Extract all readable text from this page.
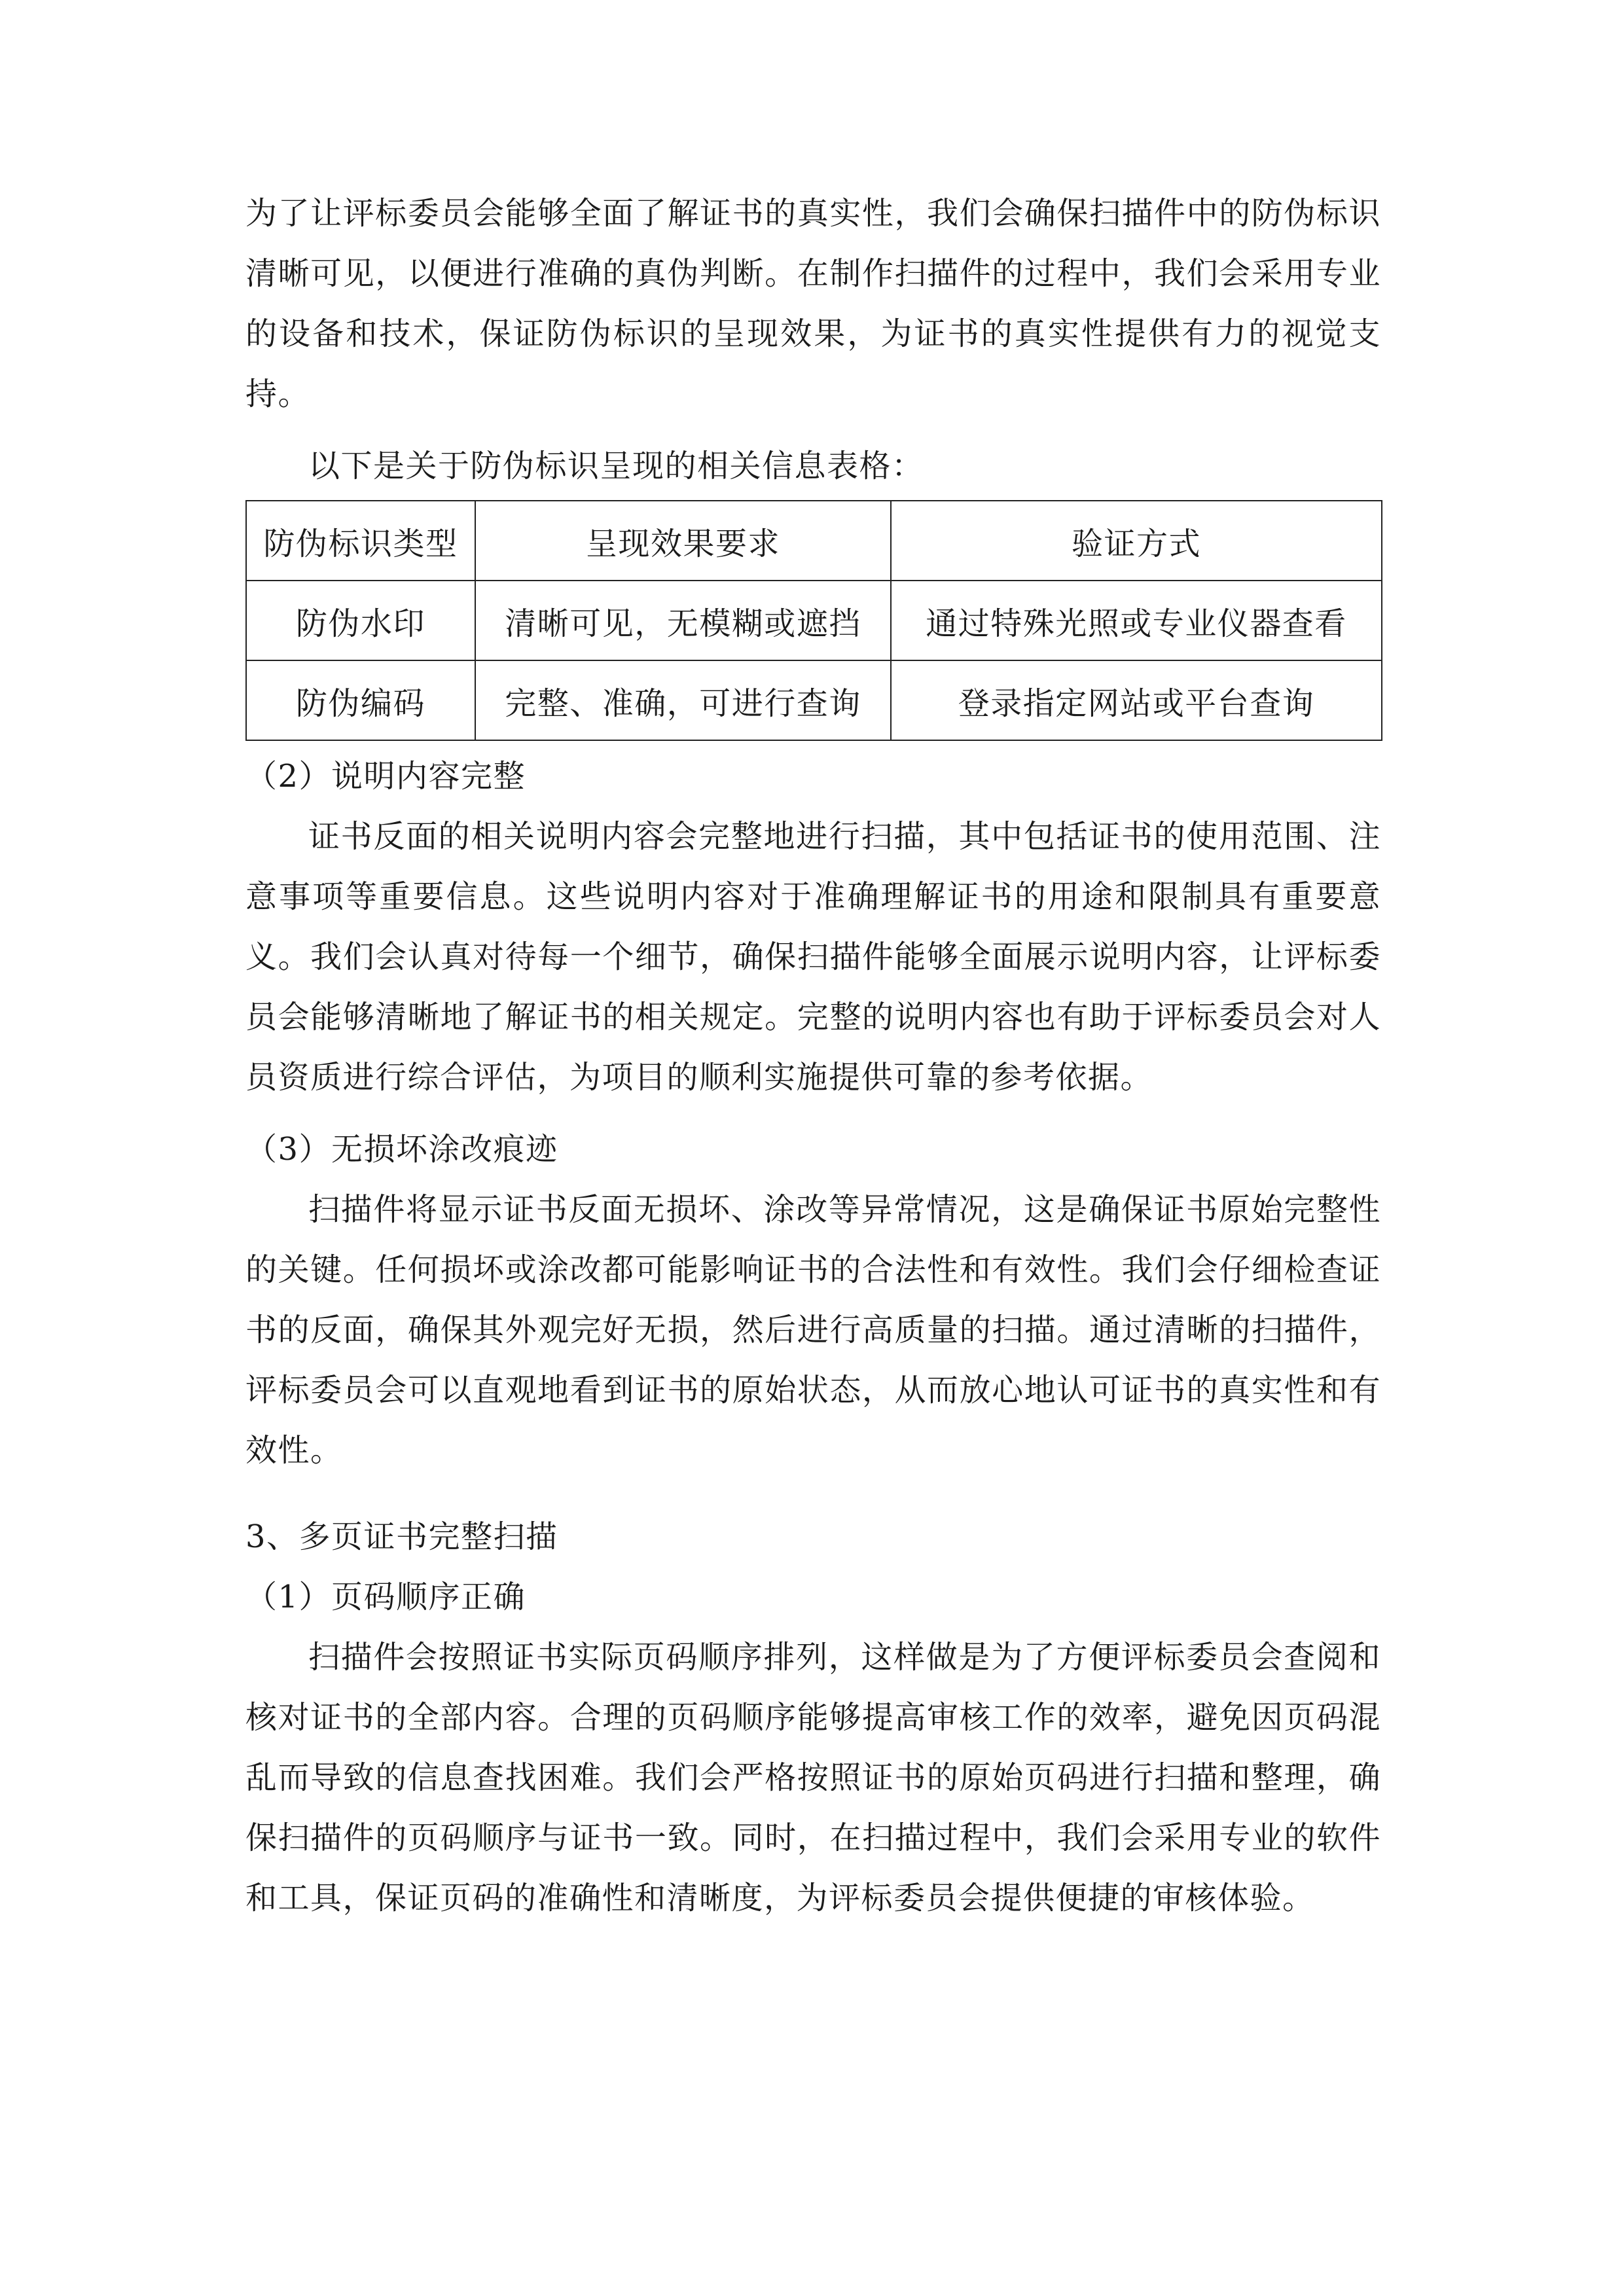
为了让评标委员会能够全面了解证书的真实性，我们会确保扫描件中的防伪标识清晰可见，以便进行准确的真伪判断。在制作扫描件的过程中，我们会采用专业的设备和技术，保证防伪标识的呈现效果，为证书的真实性提供有力的视觉支持。

以下是关于防伪标识呈现的相关信息表格：

防伪标识类型	呈现效果要求	验证方式
防伪水印	清晰可见，无模糊或遮挡	通过特殊光照或专业仪器查看
防伪编码	完整、准确，可进行查询	登录指定网站或平台查询
（2）说明内容完整

证书反面的相关说明内容会完整地进行扫描，其中包括证书的使用范围、注意事项等重要信息。这些说明内容对于准确理解证书的用途和限制具有重要意义。我们会认真对待每一个细节，确保扫描件能够全面展示说明内容，让评标委员会能够清晰地了解证书的相关规定。完整的说明内容也有助于评标委员会对人员资质进行综合评估，为项目的顺利实施提供可靠的参考依据。

（3）无损坏涂改痕迹

扫描件将显示证书反面无损坏、涂改等异常情况，这是确保证书原始完整性的关键。任何损坏或涂改都可能影响证书的合法性和有效性。我们会仔细检查证书的反面，确保其外观完好无损，然后进行高质量的扫描。通过清晰的扫描件，评标委员会可以直观地看到证书的原始状态，从而放心地认可证书的真实性和有效性。

3、多页证书完整扫描
（1）页码顺序正确

扫描件会按照证书实际页码顺序排列，这样做是为了方便评标委员会查阅和核对证书的全部内容。合理的页码顺序能够提高审核工作的效率，避免因页码混乱而导致的信息查找困难。我们会严格按照证书的原始页码进行扫描和整理，确保扫描件的页码顺序与证书一致。同时，在扫描过程中，我们会采用专业的软件和工具，保证页码的准确性和清晰度，为评标委员会提供便捷的审核体验。
